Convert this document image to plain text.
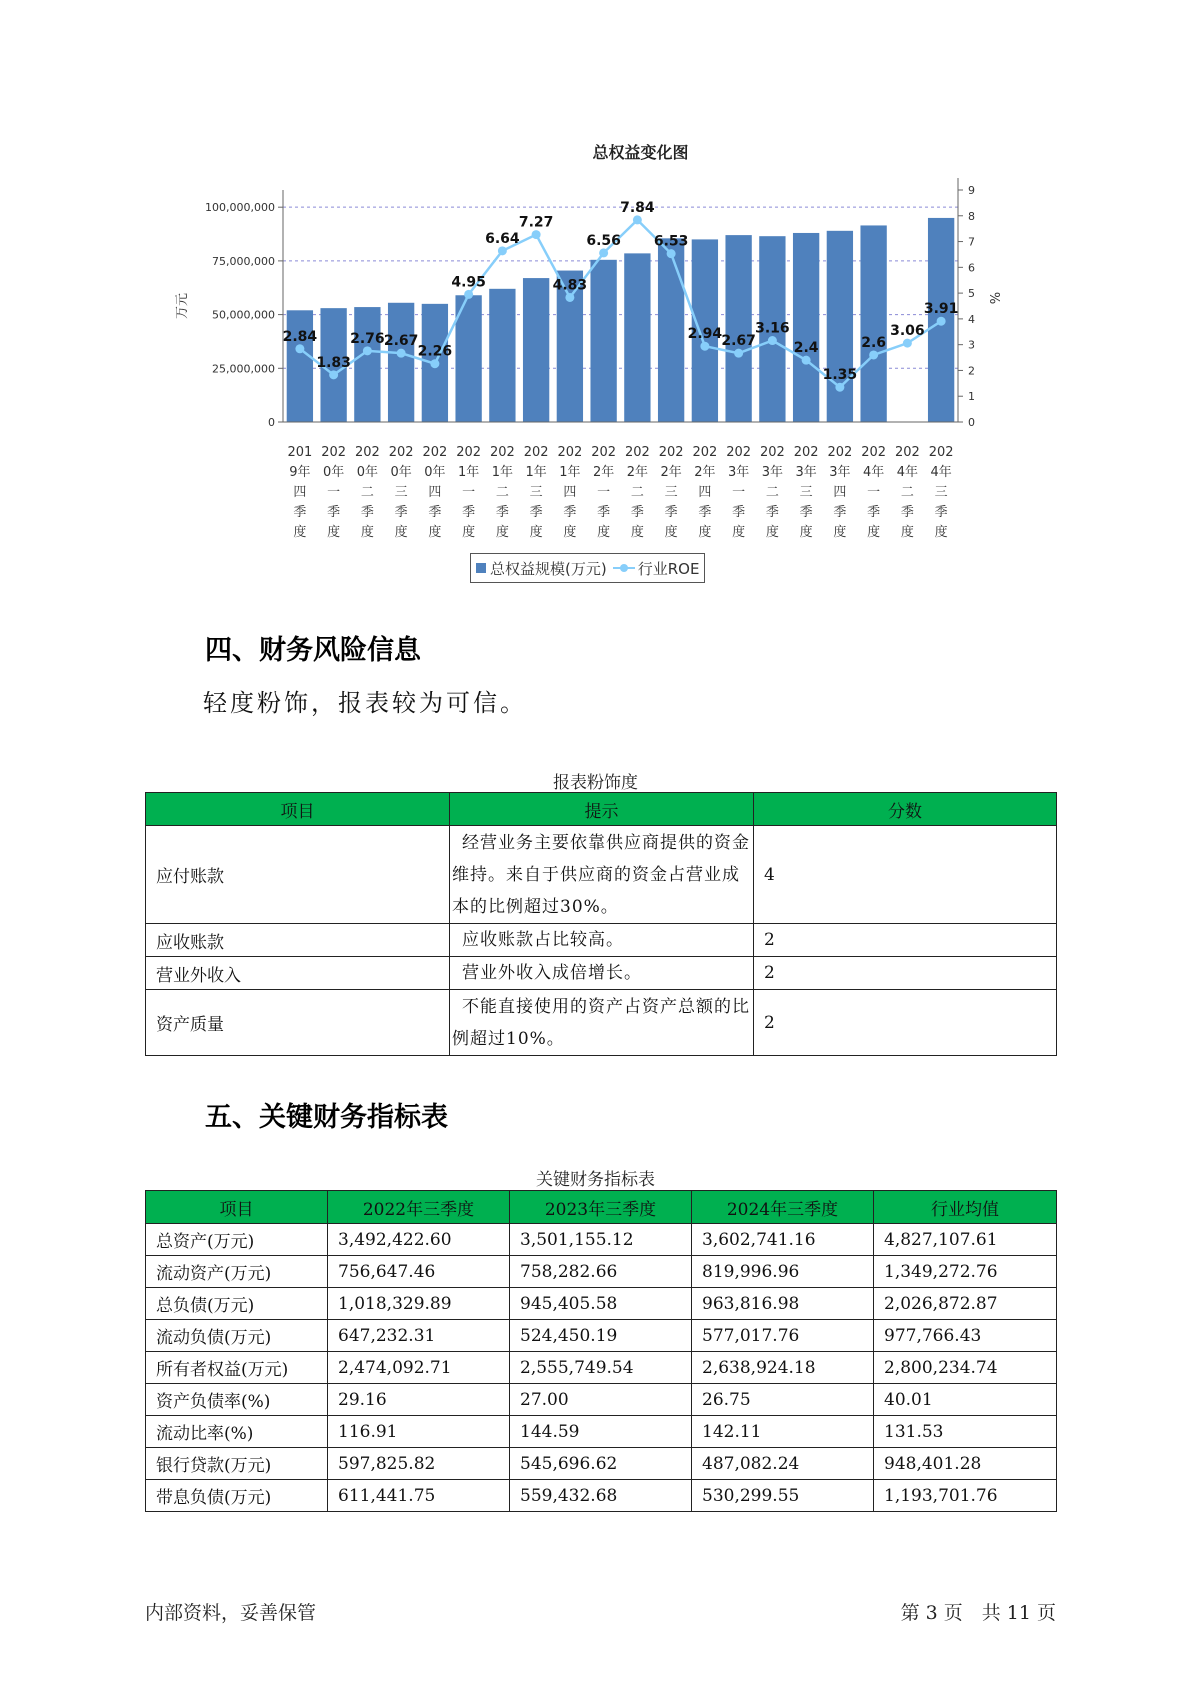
总权益变化图
0
25,000,000
50,000,000
75,000,000
100,000,000
0
1
2
3
4
5
6
7
8
9
万元	%
2.84
1.83
2.76 2.67
2.26
4.95
6.64
7.27
4.83
6.56
7.84
6.53
2.94 2.67
3.16
2.4
1.35
2.6
3.06
3.91
201
9年
四
季
度
202
0年
一
季
度
202
0年
二
季
度
202
0年
三
季
度
202
0年
四
季
度
202
1年
一
季
度
202
1年
二
季
度
202
1年
三
季
度
202
1年
四
季
度
202
2年
一
季
度
202
2年
二
季
度
202
2年
三
季
度
202
2年
四
季
度
202
3年
一
季
度
202
3年
二
季
度
202
3年
三
季
度
202
3年
四
季
度
202
4年
一
季
度
202
4年
二
季
度
202
4年
三
季
度
总权益规模(万元) 行业ROE
四、财务风险信息

轻度粉饰，报表较为可信。

报表粉饰度
项目	提示	分数
应付账款	经营业务主要依靠供应商提供的资金维持。来自于供应商的资金占营业成本的比例超过30%。	4
应收账款	应收账款占比较高。	2
营业外收入	营业外收入成倍增长。	2
资产质量	不能直接使用的资产占资产总额的比例超过10%。	2
五、关键财务指标表
关键财务指标表
项目	2022年三季度	2023年三季度	2024年三季度	行业均值
总资产(万元)	3,492,422.60	3,501,155.12	3,602,741.16	4,827,107.61
流动资产(万元)	756,647.46	758,282.66	819,996.96	1,349,272.76
总负债(万元)	1,018,329.89	945,405.58	963,816.98	2,026,872.87
流动负债(万元)	647,232.31	524,450.19	577,017.76	977,766.43
所有者权益(万元)	2,474,092.71	2,555,749.54	2,638,924.18	2,800,234.74
资产负债率(%)	29.16	27.00	26.75	40.01
流动比率(%)	116.91	144.59	142.11	131.53
银行贷款(万元)	597,825.82	545,696.62	487,082.24	948,401.28
带息负债(万元)	611,441.75	559,432.68	530,299.55	1,193,701.76
内部资料，妥善保管	第 3 页　共 11 页
